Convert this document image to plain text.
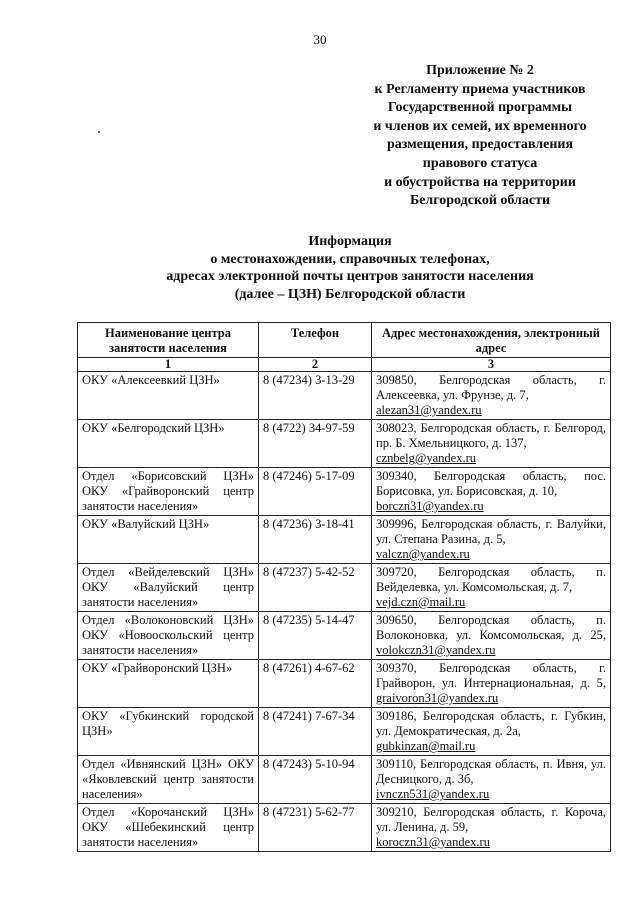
30
Приложение № 2
к Регламенту приема участников
Государственной программы
и членов их семей, их временного
размещения, предоставления
правового статуса
и обустройства на территории
Белгородской области
Информация
о местонахождении, справочных телефонах,
адресах электронной почты центров занятости населения
(далее – ЦЗН) Белгородской области
Наименование центра занятости населения	Телефон	Адрес местонахождения, электронный адрес
1	2	3
ОКУ «Алексеевкий ЦЗН»	8 (47234) 3-13-29	309850, Белгородская область, г. Алексеевка, ул. Фрунзе, д. 7,
alezan31@yandex.ru
ОКУ «Белгородский ЦЗН»	8 (4722) 34-97-59	308023, Белгородская область, г. Белгород, пр. Б. Хмельницкого, д. 137,
cznbelg@yandex.ru
Отдел «Борисовский ЦЗН» ОКУ «Грайворонский центр занятости населения»	8 (47246) 5-17-09	309340, Белгородская область, пос. Борисовка, ул. Борисовская, д. 10,
borczn31@yandex.ru
ОКУ «Валуйский ЦЗН»	8 (47236) 3-18-41	309996, Белгородская область, г. Валуйки, ул. Степана Разина, д. 5,
valczn@yandex.ru
Отдел «Вейделевский ЦЗН» ОКУ «Валуйский центр занятости населения»	8 (47237) 5-42-52	309720, Белгородская область, п. Вейделевка, ул. Комсомольская, д. 7,
vejd.czn@mail.ru
Отдел «Волоконовский ЦЗН» ОКУ «Новооскольский центр занятости населения»	8 (47235) 5-14-47	309650, Белгородская область, п. Волоконовка, ул. Комсомольская, д. 25, volokczn31@yandex.ru
ОКУ «Грайворонский ЦЗН»	8 (47261) 4-67-62	309370, Белгородская область, г. Грайворон, ул. Интернациональная, д. 5, graivoron31@yandex.ru
ОКУ «Губкинский городской ЦЗН»	8 (47241) 7-67-34	309186, Белгородская область, г. Губкин, ул. Демократическая, д. 2а,
gubkinzan@mail.ru
Отдел «Ивнянский ЦЗН» ОКУ «Яковлевский центр занятости населения»	8 (47243) 5-10-94	309110, Белгородская область, п. Ивня, ул. Десницкого, д. 3б,
ivnczn531@yandex.ru
Отдел «Корочанский ЦЗН» ОКУ «Шебекинский центр занятости населения»	8 (47231) 5-62-77	309210, Белгородская область, г. Короча, ул. Ленина, д. 59,
koroczn31@yandex.ru
